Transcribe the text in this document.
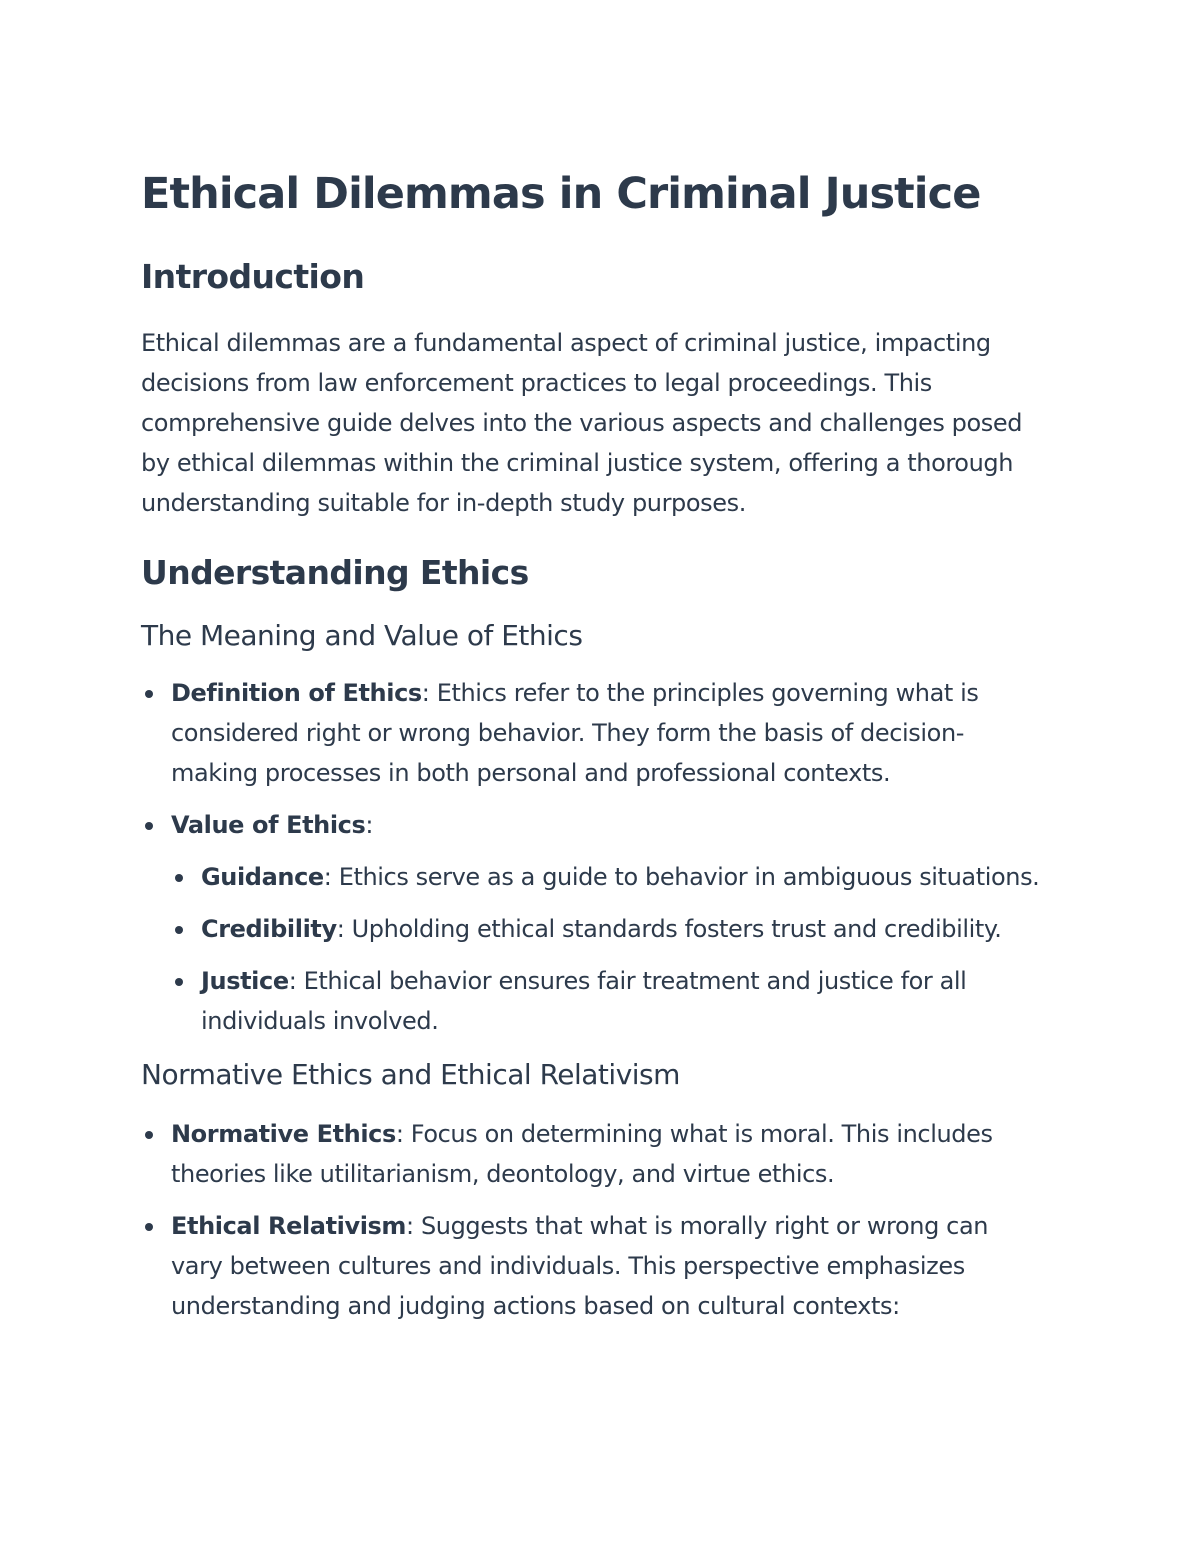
Ethical Dilemmas in Criminal Justice
Introduction

Ethical dilemmas are a fundamental aspect of criminal justice, impacting decisions from law enforcement practices to legal proceedings. This comprehensive guide delves into the various aspects and challenges posed by ethical dilemmas within the criminal justice system, offering a thorough understanding suitable for in-depth study purposes.

Understanding Ethics
The Meaning and Value of Ethics
Definition of Ethics: Ethics refer to the principles governing what is considered right or wrong behavior. They form the basis of decision-making processes in both personal and professional contexts.
Value of Ethics:
Guidance: Ethics serve as a guide to behavior in ambiguous situations.
Credibility: Upholding ethical standards fosters trust and credibility.
Justice: Ethical behavior ensures fair treatment and justice for all individuals involved.
Normative Ethics and Ethical Relativism
Normative Ethics: Focus on determining what is moral. This includes theories like utilitarianism, deontology, and virtue ethics.
Ethical Relativism: Suggests that what is morally right or wrong can vary between cultures and individuals. This perspective emphasizes understanding and judging actions based on cultural contexts:
